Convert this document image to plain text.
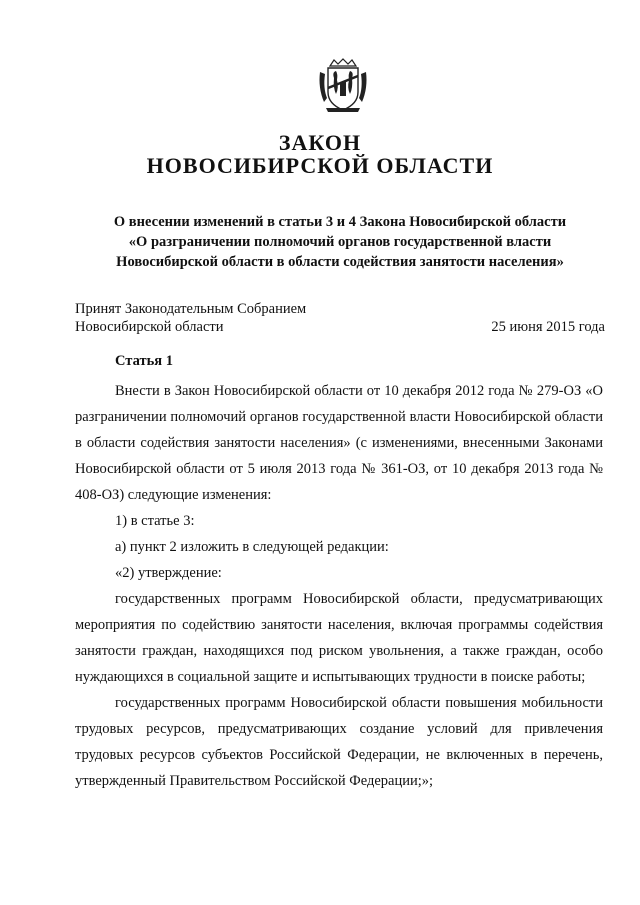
ЗАКОН
НОВОСИБИРСКОЙ ОБЛАСТИ
О внесении изменений в статьи 3 и 4 Закона Новосибирской области
«О разграничении полномочий органов государственной власти
Новосибирской области в области содействия занятости населения»
Принят Законодательным Собранием
Новосибирской области	25 июня 2015 года
Статья 1

Внести в Закон Новосибирской области от 10 декабря 2012 года № 279-ОЗ «О разграничении полномочий органов государственной власти Новосибирской области в области содействия занятости населения» (с изменениями, внесенными Законами Новосибирской области от 5 июля 2013 года № 361-ОЗ, от 10 декабря 2013 года № 408-ОЗ) следующие изменения:

1) в статье 3:

а) пункт 2 изложить в следующей редакции:

«2) утверждение:

государственных программ Новосибирской области, предусматривающих мероприятия по содействию занятости населения, включая программы содействия занятости граждан, находящихся под риском увольнения, а также граждан, особо нуждающихся в социальной защите и испытывающих трудности в поиске работы;

государственных программ Новосибирской области повышения мобильности трудовых ресурсов, предусматривающих создание условий для привлечения трудовых ресурсов субъектов Российской Федерации, не включенных в перечень, утвержденный Правительством Российской Федерации;»;
